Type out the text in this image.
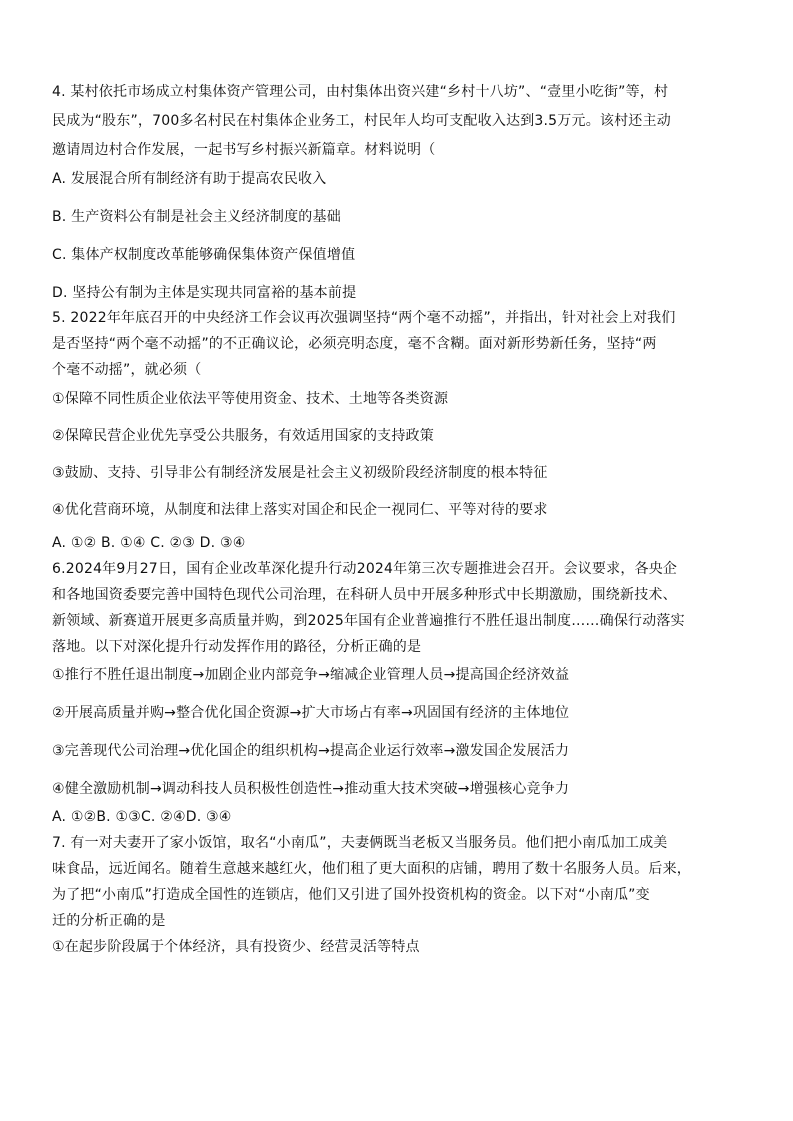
4. 某村依托市场成立村集体资产管理公司，由村集体出资兴建“乡村十八坊”、“壹里小吃街”等，村

民成为“股东”，700多名村民在村集体企业务工，村民年人均可支配收入达到3.5万元。该村还主动

邀请周边村合作发展，一起书写乡村振兴新篇章。材料说明（

A. 发展混合所有制经济有助于提高农民收入

B. 生产资料公有制是社会主义经济制度的基础

C. 集体产权制度改革能够确保集体资产保值增值

D. 坚持公有制为主体是实现共同富裕的基本前提

5. 2022年年底召开的中央经济工作会议再次强调坚持“两个毫不动摇”，并指出，针对社会上对我们

是否坚持“两个毫不动摇”的不正确议论，必须亮明态度，毫不含糊。面对新形势新任务，坚持“两

个毫不动摇”，就必须（

①保障不同性质企业依法平等使用资金、技术、土地等各类资源

②保障民营企业优先享受公共服务，有效适用国家的支持政策

③鼓励、支持、引导非公有制经济发展是社会主义初级阶段经济制度的根本特征

④优化营商环境，从制度和法律上落实对国企和民企一视同仁、平等对待的要求

A. ①② B. ①④ C. ②③ D. ③④

6.2024年9月27日，国有企业改革深化提升行动2024年第三次专题推进会召开。会议要求，各央企

和各地国资委要完善中国特色现代公司治理，在科研人员中开展多种形式中长期激励，围绕新技术、

新领域、新赛道开展更多高质量并购，到2025年国有企业普遍推行不胜任退出制度……确保行动落实

落地。以下对深化提升行动发挥作用的路径，分析正确的是

①推行不胜任退出制度→加剧企业内部竞争→缩减企业管理人员→提高国企经济效益

②开展高质量并购→整合优化国企资源→扩大市场占有率→巩固国有经济的主体地位

③完善现代公司治理→优化国企的组织机构→提高企业运行效率→激发国企发展活力

④健全激励机制→调动科技人员积极性创造性→推动重大技术突破→增强核心竞争力

A. ①②B. ①③C. ②④D. ③④

7. 有一对夫妻开了家小饭馆，取名“小南瓜”，夫妻俩既当老板又当服务员。他们把小南瓜加工成美

味食品，远近闻名。随着生意越来越红火，他们租了更大面积的店铺，聘用了数十名服务人员。后来，

为了把“小南瓜”打造成全国性的连锁店，他们又引进了国外投资机构的资金。以下对“小南瓜”变

迁的分析正确的是

①在起步阶段属于个体经济，具有投资少、经营灵活等特点
